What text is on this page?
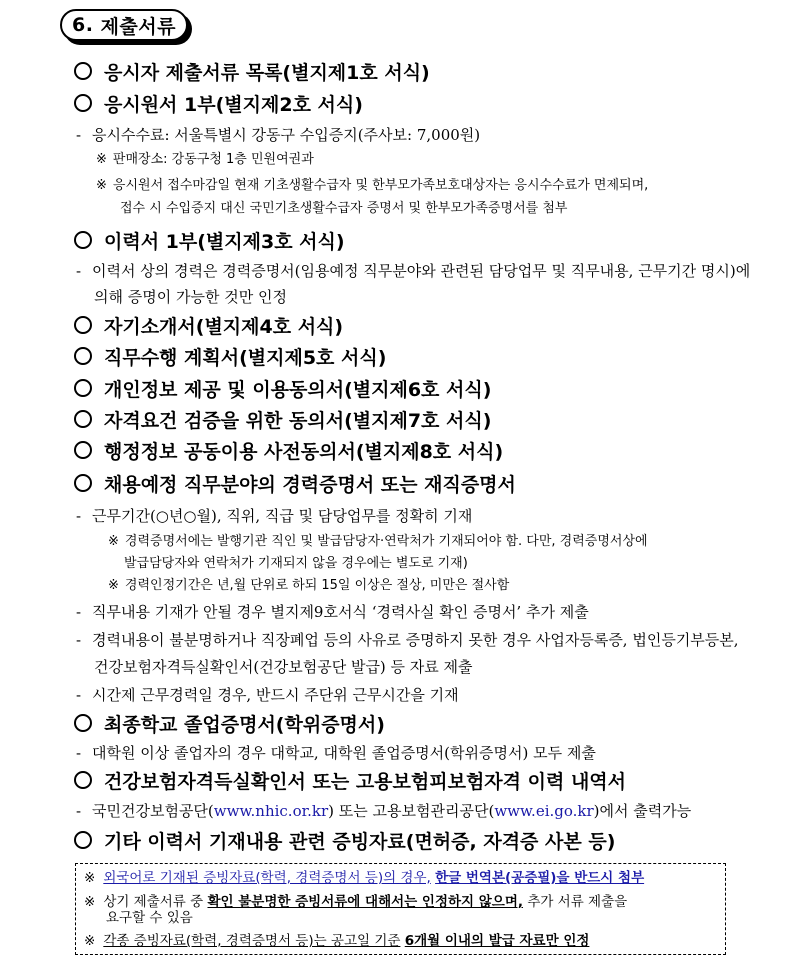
6.
제출서류
응시자 제출서류 목록(별지제1호 서식)
응시원서 1부(별지제2호 서식)
- 응시수수료: 서울특별시 강동구 수입증지(주사보: 7,000원)
※ 판매장소: 강동구청 1층 민원여권과
※ 응시원서 접수마감일 현재 기초생활수급자 및 한부모가족보호대상자는 응시수수료가 면제되며,
접수 시 수입증지 대신 국민기초생활수급자 증명서 및 한부모가족증명서를 첨부
이력서 1부(별지제3호 서식)
- 이력서 상의 경력은 경력증명서(임용예정 직무분야와 관련된 담당업무 및 직무내용, 근무기간 명시)에
의해 증명이 가능한 것만 인정
자기소개서(별지제4호 서식)
직무수행 계획서(별지제5호 서식)
개인정보 제공 및 이용동의서(별지제6호 서식)
자격요건 검증을 위한 동의서(별지제7호 서식)
행정정보 공동이용 사전동의서(별지제8호 서식)
채용예정 직무분야의 경력증명서 또는 재직증명서
- 근무기간(○년○월), 직위, 직급 및 담당업무를 정확히 기재
※ 경력증명서에는 발행기관 직인 및 발급담당자·연락처가 기재되어야 함. 다만, 경력증명서상에
발급담당자와 연락처가 기재되지 않을 경우에는 별도로 기재)
※ 경력인정기간은 년,월 단위로 하되 15일 이상은 절상, 미만은 절사함
- 직무내용 기재가 안될 경우 별지제9호서식 ‘경력사실 확인 증명서’ 추가 제출
- 경력내용이 불분명하거나 직장폐업 등의 사유로 증명하지 못한 경우 사업자등록증, 법인등기부등본,
건강보험자격득실확인서(건강보험공단 발급) 등 자료 제출
- 시간제 근무경력일 경우, 반드시 주단위 근무시간을 기재
최종학교 졸업증명서(학위증명서)
- 대학원 이상 졸업자의 경우 대학교, 대학원 졸업증명서(학위증명서) 모두 제출
건강보험자격득실확인서 또는 고용보험피보험자격 이력 내역서
- 국민건강보험공단(www.nhic.or.kr) 또는 고용보험관리공단(www.ei.go.kr)에서 출력가능
기타 이력서 기재내용 관련 증빙자료(면허증, 자격증 사본 등)
※ 외국어로 기재된 증빙자료(학력, 경력증명서 등)의 경우, 한글 번역본(공증필)을 반드시 첨부
※ 상기 제출서류 중 확인 불분명한 증빙서류에 대해서는 인정하지 않으며, 추가 서류 제출을
요구할 수 있음
※ 각종 증빙자료(학력, 경력증명서 등)는 공고일 기준 6개월 이내의 발급 자료만 인정
